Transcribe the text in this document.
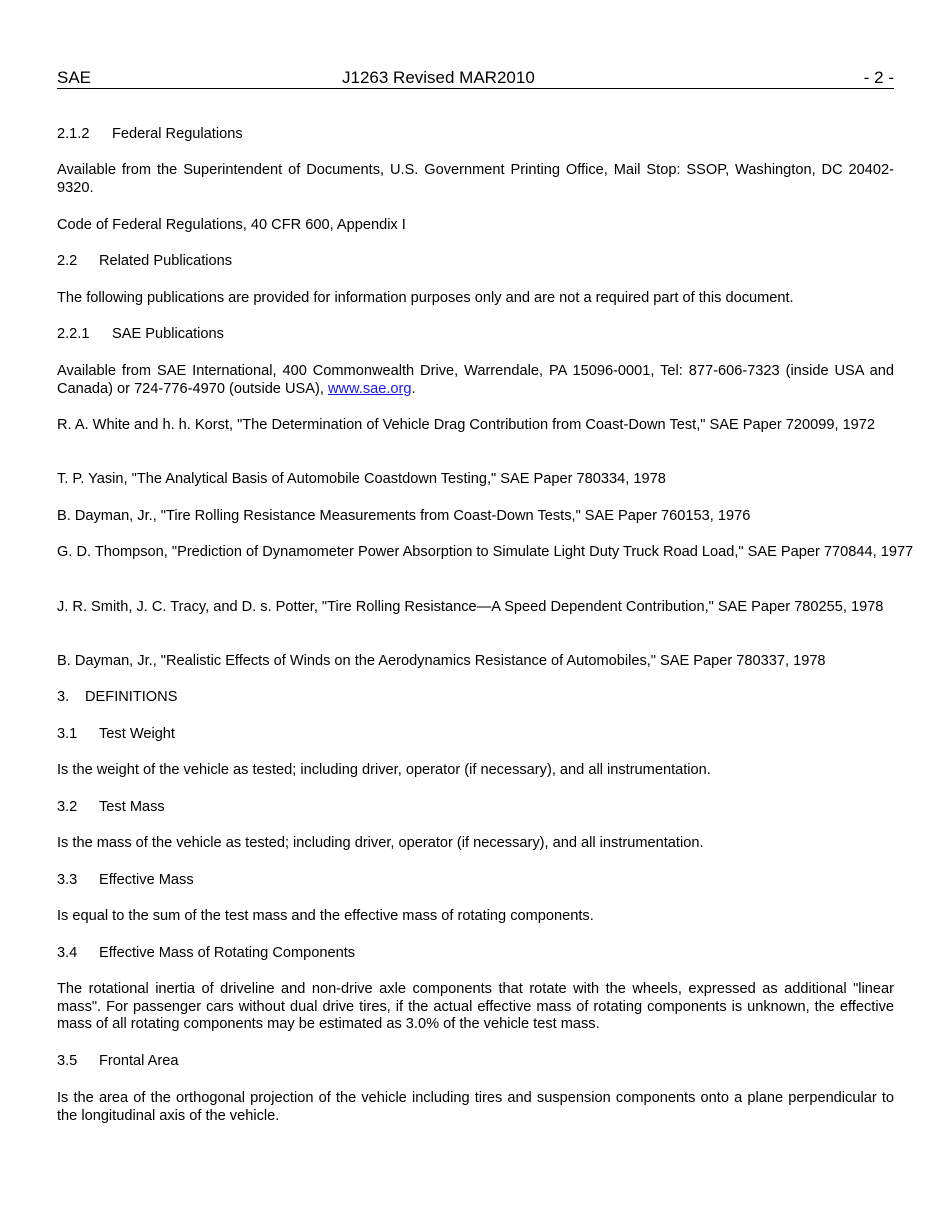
SAE	J1263 Revised MAR2010	- 2 -
2.1.2 Federal Regulations

Available from the Superintendent of Documents, U.S. Government Printing Office, Mail Stop: SSOP, Washington, DC 20402-9320.

Code of Federal Regulations, 40 CFR 600, Appendix I

2.2 Related Publications

The following publications are provided for information purposes only and are not a required part of this document.

2.2.1 SAE Publications

Available from SAE International, 400 Commonwealth Drive, Warrendale, PA 15096-0001, Tel: 877-606-7323 (inside USA and Canada) or 724-776-4970 (outside USA), www.sae.org.

R. A. White and h. h. Korst, "The Determination of Vehicle Drag Contribution from Coast-Down Test," SAE Paper 720099, 1972

T. P. Yasin, "The Analytical Basis of Automobile Coastdown Testing," SAE Paper 780334, 1978

B. Dayman, Jr., "Tire Rolling Resistance Measurements from Coast-Down Tests," SAE Paper 760153, 1976

G. D. Thompson, "Prediction of Dynamometer Power Absorption to Simulate Light Duty Truck Road Load," SAE Paper 770844, 1977

J. R. Smith, J. C. Tracy, and D. s. Potter, "Tire Rolling Resistance—A Speed Dependent Contribution," SAE Paper 780255, 1978

B. Dayman, Jr., "Realistic Effects of Winds on the Aerodynamics Resistance of Automobiles," SAE Paper 780337, 1978

3. DEFINITIONS
3.1 Test Weight

Is the weight of the vehicle as tested; including driver, operator (if necessary), and all instrumentation.

3.2 Test Mass

Is the mass of the vehicle as tested; including driver, operator (if necessary), and all instrumentation.

3.3 Effective Mass

Is equal to the sum of the test mass and the effective mass of rotating components.

3.4 Effective Mass of Rotating Components

The rotational inertia of driveline and non-drive axle components that rotate with the wheels, expressed as additional "linear mass". For passenger cars without dual drive tires, if the actual effective mass of rotating components is unknown, the effective mass of all rotating components may be estimated as 3.0% of the vehicle test mass.

3.5 Frontal Area

Is the area of the orthogonal projection of the vehicle including tires and suspension components onto a plane perpendicular to the longitudinal axis of the vehicle.
